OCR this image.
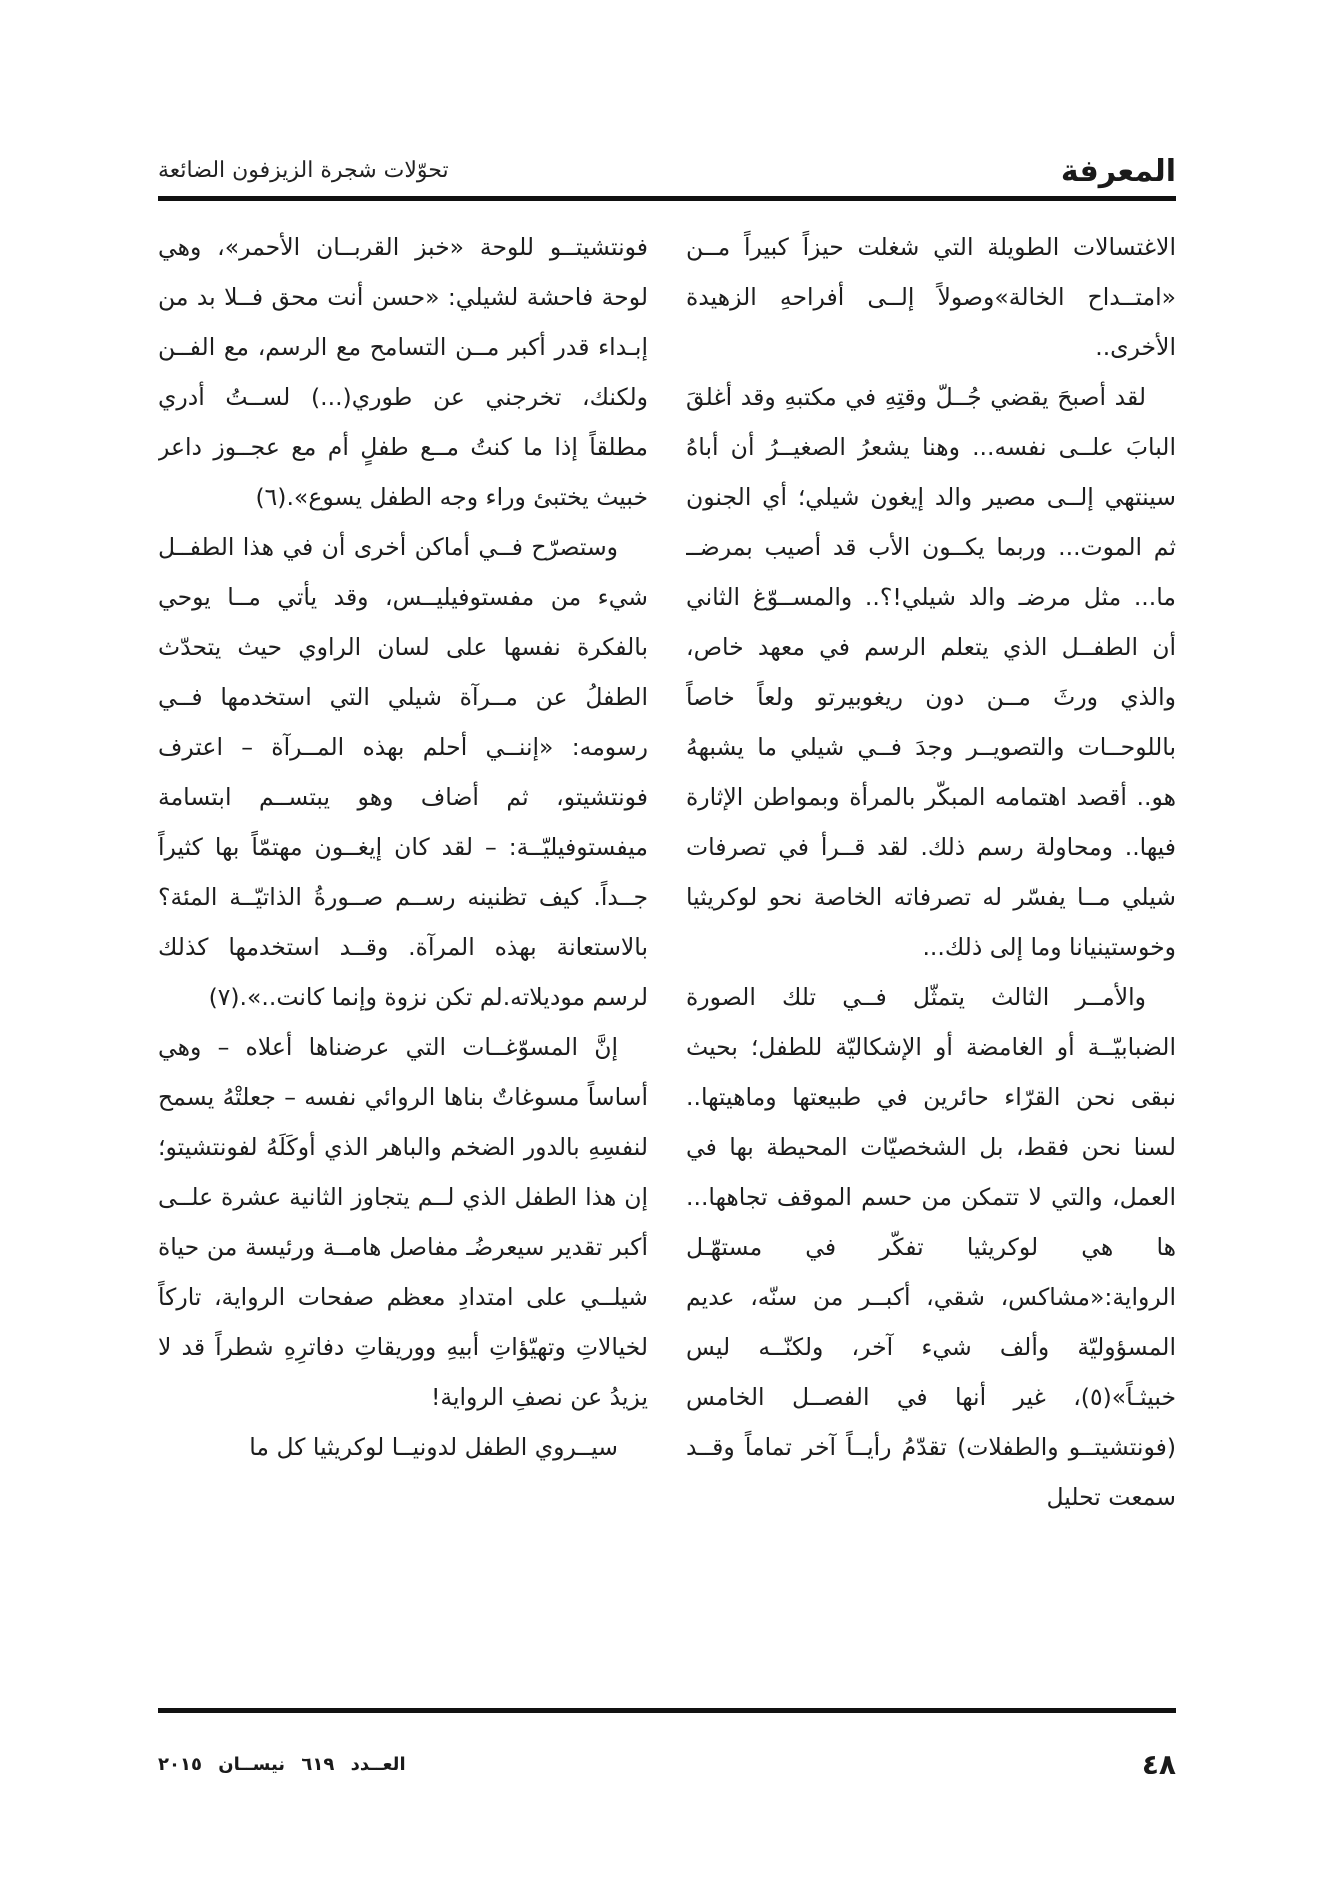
المعرفة
تحوّلات شجرة الزيزفون الضائعة

الاغتسالات الطويلة التي شغلت حيزاً كبيراً مــن «امتــداح الخالة»وصولاً إلــى أفراحهِ الزهيدة الأخرى..

لقد أصبحَ يقضي جُــلّ وقتِهِ في مكتبهِ وقد أغلقَ البابَ علــى نفسه... وهنا يشعرُ الصغيــرُ أن أباهُ سينتهي إلــى مصير والد إيغون شيلي؛ أي الجنون ثم الموت... وربما يكــون الأب قد أصيب بمرضــ ما... مثل مرضـ والد شيلي!؟.. والمســوّغ الثاني أن الطفــل الذي يتعلم الرسم في معهد خاص، والذي ورثَ مــن دون ريغوبيرتو ولعاً خاصاً باللوحــات والتصويــر وجدَ فــي شيلي ما يشبههُ هو.. أقصد اهتمامه المبكّر بالمرأة وبمواطن الإثارة فيها.. ومحاولة رسم ذلك. لقد قــرأ في تصرفات شيلي مــا يفسّر له تصرفاته الخاصة نحو لوكريثيا وخوستينيانا وما إلى ذلك...

والأمــر الثالث يتمثّل فــي تلك الصورة الضبابيّــة أو الغامضة أو الإشكاليّة للطفل؛ بحيث نبقى نحن القرّاء حائرين في طبيعتها وماهيتها.. لسنا نحن فقط، بل الشخصيّات المحيطة بها في العمل، والتي لا تتمكن من حسم الموقف تجاهها... ها هي لوكريثيا تفكّر في مستهّـل الرواية:«مشاكس، شقي، أكبــر من سنّه، عديم المسؤوليّة وألف شيء آخر، ولكنّــه ليس خبيثـاً»(٥)، غير أنها في الفصــل الخامس (فونتشيتــو والطفلات) تقدّمُ رأيــاً آخر تماماً وقــد سمعت تحليل

فونتشيتــو للوحة «خبز القربــان الأحمر»، وهي لوحة فاحشة لشيلي: «حسن أنت محق فــلا بد من إبـداء قدر أكبر مــن التسامح مع الرسم، مع الفــن ولكنك، تخرجني عن طوري(...) لســتُ أدري مطلقاً إذا ما كنتُ مــع طفلٍ أم مع عجــوز داعر خبيث يختبئ وراء وجه الطفل يسوع».(٦)

وستصرّح فــي أماكن أخرى أن في هذا الطفــل شيء من مفستوفيليــس، وقد يأتي مــا يوحي بالفكرة نفسها على لسان الراوي حيث يتحدّث الطفلُ عن مــرآة شيلي التي استخدمها فــي رسومه: «إننــي أحلم بهذه المــرآة – اعترف فونتشيتو، ثم أضاف وهو يبتســم ابتسامة ميفستوفيليّــة: – لقد كان إيغــون مهتمّاً بها كثيراً جــداً. كيف تظنينه رســم صــورةُ الذاتيّــة المئة؟ بالاستعانة بهذه المرآة. وقــد استخدمها كذلك لرسم موديلاته.لم تكن نزوة وإنما كانت..».(٧)

إنَّ المسوّغــات التي عرضناها أعلاه – وهي أساساً مسوغاتٌ بناها الروائي نفسه – جعلتْهُ يسمح لنفسِهِ بالدور الضخم والباهر الذي أوكَلَهُ لفونتشيتو؛ إن هذا الطفل الذي لــم يتجاوز الثانية عشرة علــى أكبر تقدير سيعرضُـ مفاصل هامــة ورئيسة من حياة شيلــي على امتدادِ معظم صفحات الرواية، تاركاً لخيالاتِ وتهيّؤاتِ أبيهِ ووريقاتِ دفاترِهِ شطراً قد لا يزيدُ عن نصفِ الرواية!

سيــروي الطفل لدونيــا لوكريثيا كل ما

٤٨
العــدد ٦١٩ نيســان ٢٠١٥
